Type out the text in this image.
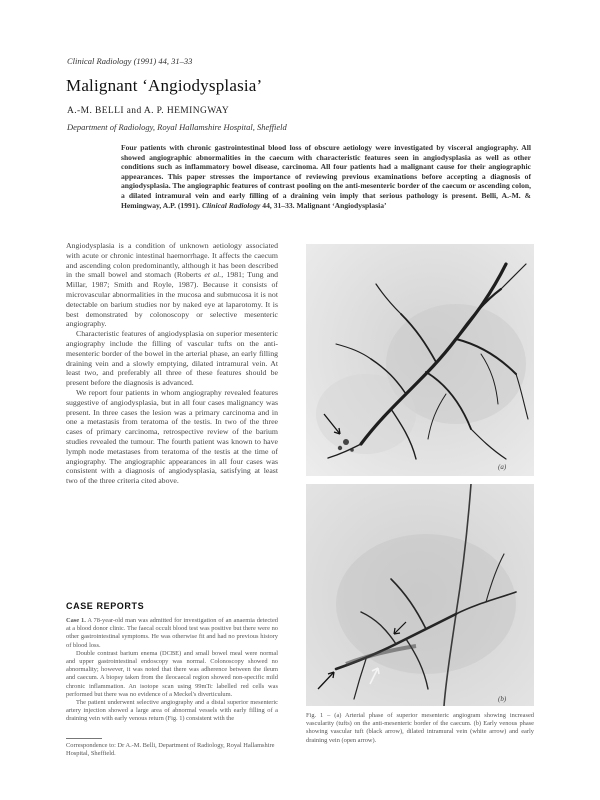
Clinical Radiology (1991) 44, 31–33
Malignant ‘Angiodysplasia’
A.-M. BELLI and A. P. HEMINGWAY
Department of Radiology, Royal Hallamshire Hospital, Sheffield
Four patients with chronic gastrointestinal blood loss of obscure aetiology were investigated by visceral angiography. All showed angiographic abnormalities in the caecum with characteristic features seen in angiodysplasia as well as other conditions such as inflammatory bowel disease, carcinoma. All four patients had a malignant cause for their angiographic appearances. This paper stresses the importance of reviewing previous examinations before accepting a diagnosis of angiodysplasia. The angiographic features of contrast pooling on the anti-mesenteric border of the caecum or ascending colon, a dilated intramural vein and early filling of a draining vein imply that serious pathology is present. Belli, A.-M. & Hemingway, A.P. (1991). Clinical Radiology 44, 31–33. Malignant ‘Angiodysplasia’

Angiodysplasia is a condition of unknown aetiology associated with acute or chronic intestinal haemorrhage. It affects the caecum and ascending colon predominantly, although it has been described in the small bowel and stomach (Roberts et al., 1981; Tung and Millar, 1987; Smith and Royle, 1987). Because it consists of microvascular abnormalities in the mucosa and submucosa it is not detectable on barium studies nor by naked eye at laparotomy. It is best demonstrated by colonoscopy or selective mesenteric angiography.

Characteristic features of angiodysplasia on superior mesenteric angiography include the filling of vascular tufts on the anti-mesenteric border of the bowel in the arterial phase, an early filling draining vein and a slowly emptying, dilated intramural vein. At least two, and preferably all three of these features should be present before the diagnosis is advanced.

We report four patients in whom angiography revealed features suggestive of angiodysplasia, but in all four cases malignancy was present. In three cases the lesion was a primary carcinoma and in one a metastasis from teratoma of the testis. In two of the three cases of primary carcinoma, retrospective review of the barium studies revealed the tumour. The fourth patient was known to have lymph node metastases from teratoma of the testis at the time of angiography. The angiographic appearances in all four cases was consistent with a diagnosis of angiodysplasia, satisfying at least two of the three criteria cited above.

CASE REPORTS

Case 1. A 78-year-old man was admitted for investigation of an anaemia detected at a blood donor clinic. The faecal occult blood test was positive but there were no other gastrointestinal symptoms. He was otherwise fit and had no previous history of blood loss.

Double contrast barium enema (DCBE) and small bowel meal were normal and upper gastrointestinal endoscopy was normal. Colonoscopy showed no abnormality; however, it was noted that there was adherence between the ileum and caecum. A biopsy taken from the ileocaecal region showed non-specific mild chronic inflammation. An isotope scan using 99mTc labelled red cells was performed but there was no evidence of a Meckel's diverticulum.

The patient underwent selective angiography and a distal superior mesenteric artery injection showed a large area of abnormal vessels with early filling of a draining vein with early venous return (Fig. 1) consistent with the

Correspondence to: Dr A.-M. Belli, Department of Radiology, Royal Hallamshire Hospital, Sheffield.
(a)
(b)
Fig. 1 – (a) Arterial phase of superior mesenteric angiogram showing increased vascularity (tufts) on the anti-mesenteric border of the caecum. (b) Early venous phase showing vascular tuft (black arrow), dilated intramural vein (white arrow) and early draining vein (open arrow).
